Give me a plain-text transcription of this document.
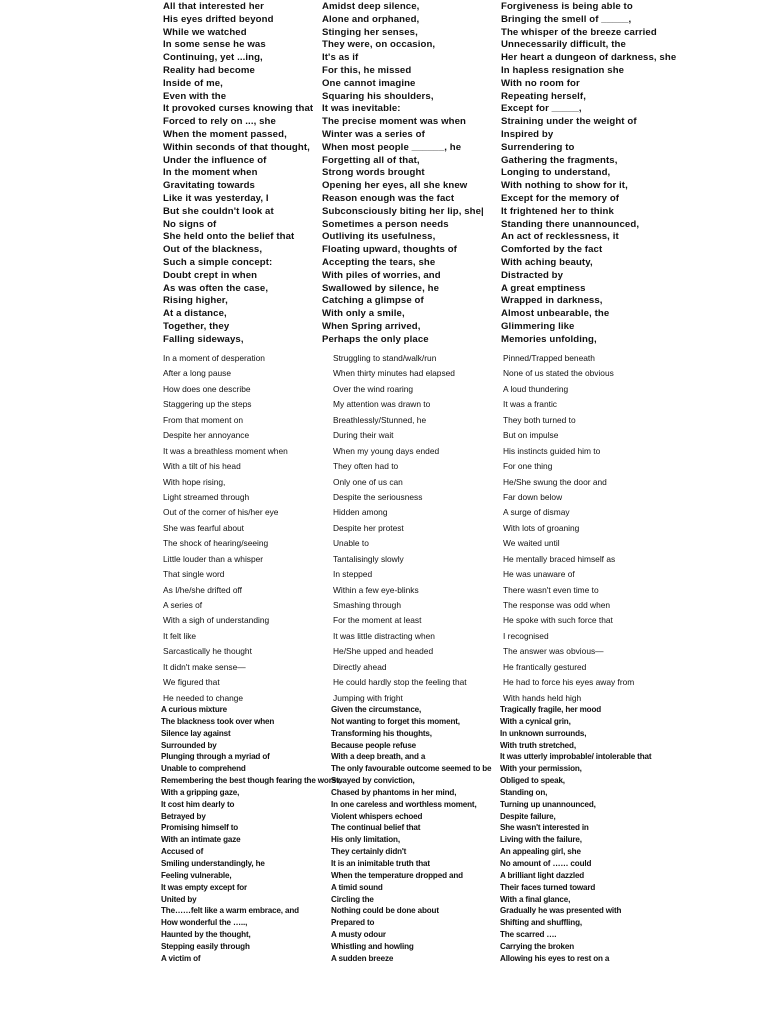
All that interested her
His eyes drifted beyond
While we watched
In some sense he was
Continuing, yet ...ing,
Reality had become
Inside of me,
Even with the
It provoked curses knowing that
Forced to rely on ..., she
When the moment passed,
Within seconds of that thought,
Under the influence of
In the moment when
Gravitating towards
Like it was yesterday, I
But she couldn't look at
No signs of
She held onto the belief that
Out of the blackness,
Such a simple concept:
Doubt crept in when
As was often the case,
Rising higher,
At a distance,
Together, they
Falling sideways,
Amidst deep silence,
Alone and orphaned,
Stinging her senses,
They were, on occasion,
It's as if
For this, he missed
One cannot imagine
Squaring his shoulders,
It was inevitable:
The precise moment was when
Winter was a series of
When most people ______, he
Forgetting all of that,
Strong words brought
Opening her eyes, all she knew
Reason enough was the fact
Subconsciously biting her lip, she|
Sometimes a person needs
Outliving its usefulness,
Floating upward, thoughts of
Accepting the tears, she
With piles of worries, and
Swallowed by silence, he
Catching a glimpse of
With only a smile,
When Spring arrived,
Perhaps the only place
Forgiveness is being able to
Bringing the smell of _____,
The whisper of the breeze carried
Unnecessarily difficult, the
Her heart a dungeon of darkness, she
In hapless resignation she
With no room for
Repeating herself,
Except for _____,
Straining under the weight of
Inspired by
Surrendering to
Gathering the fragments,
Longing to understand,
With nothing to show for it,
Except for the memory of
It frightened her to think
Standing there unannounced,
An act of recklessness, it
Comforted by the fact
With aching beauty,
Distracted by
A great emptiness
Wrapped in darkness,
Almost unbearable, the
Glimmering like
Memories unfolding,
In a moment of desperation
After a long pause
How does one describe
Staggering up the steps
From that moment on
Despite her annoyance
It was a breathless moment when
With a tilt of his head
With hope rising,
Light streamed through
Out of the corner of his/her eye
She was fearful about
The shock of hearing/seeing
Little louder than a whisper
That single word
As I/he/she drifted off
A series of
With a sigh of understanding
It felt like
Sarcastically he thought
It didn't make sense—
We figured that
He needed to change
Struggling to stand/walk/run
When thirty minutes had elapsed
Over the wind roaring
My attention was drawn to
Breathlessly/Stunned, he
During their wait
When my young days ended
They often had to
Only one of us can
Despite the seriousness
Hidden among
Despite her protest
Unable to
Tantalisingly slowly
In stepped
Within a few eye-blinks
Smashing through
For the moment at least
It was little distracting when
He/She upped and headed
Directly ahead
He could hardly stop the feeling that
Jumping with fright
Pinned/Trapped beneath
None of us stated the obvious
A loud thundering
It was a frantic
They both turned to
But on impulse
His instincts guided him to
For one thing
He/She swung the door and
Far down below
A surge of dismay
With lots of groaning
We waited until
He mentally braced himself as
He was unaware of
There wasn't even time to
The response was odd when
He spoke with such force that
I recognised
The answer was obvious—
He frantically gestured
He had to force his eyes away from
With hands held high
A curious mixture
The blackness took over when
Silence lay against
Surrounded by
Plunging through a myriad of
Unable to comprehend
Remembering the best though fearing the worst,
With a gripping gaze,
It cost him dearly to
Betrayed by
Promising himself to
With an intimate gaze
Accused of
Smiling understandingly, he
Feeling vulnerable,
It was empty except for
United by
The……felt like a warm embrace, and
How wonderful the …..,
Haunted by the thought,
Stepping easily through
A victim of
Given the circumstance,
Not wanting to forget this moment,
Transforming his thoughts,
Because people refuse
With a deep breath, and a
The only favourable outcome seemed to be
Swayed by conviction,
Chased by phantoms in her mind,
In one careless and worthless moment,
Violent whispers echoed
The continual belief that
His only limitation,
They certainly didn't
It is an inimitable truth that
When the temperature dropped and
A timid sound
Circling the
Nothing could be done about
Prepared to
A musty odour
Whistling and howling
A sudden breeze
Tragically fragile, her mood
With a cynical grin,
In unknown surrounds,
With truth stretched,
It was utterly improbable/ intolerable that
With your permission,
Obliged to speak,
Standing on,
Turning up unannounced,
Despite failure,
She wasn't interested in
Living with the failure,
An appealing girl, she
No amount of …… could
A brilliant light dazzled
Their faces turned toward
With a final glance,
Gradually he was presented with
Shifting and shuffling,
The scarred ….
Carrying the broken
Allowing his eyes to rest on a
